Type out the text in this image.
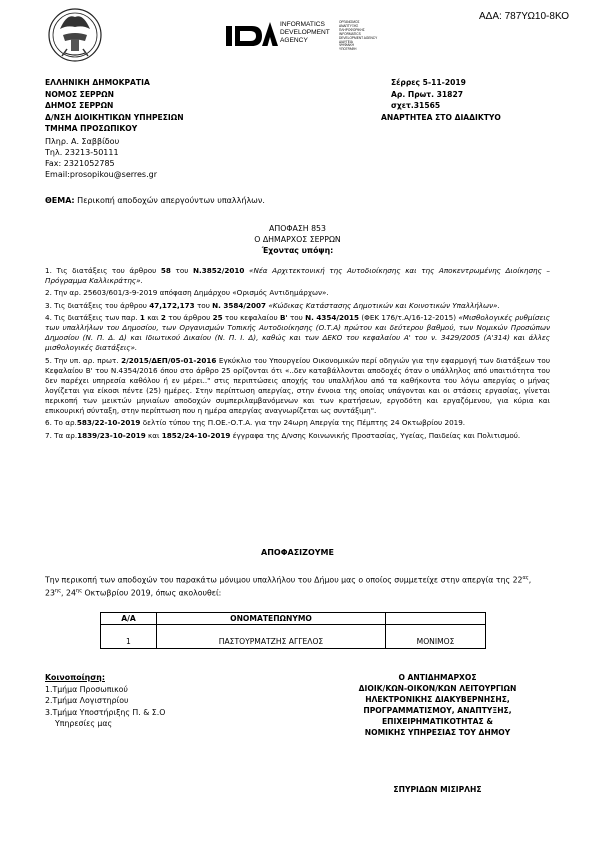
ΑΔΑ: 787ΥΩ10-8ΚΟ
INFORMATICS
DEVELOPMENT
AGENCY
ΟΡΓΑΝΙΣΜΟΣ
ΑΝΑΠΤΥΞΗΣ
ΠΛΗΡΟΦΟΡΙΚΗΣ
INFORMATICS
DEVELOPMENT AGENCY
ΔΙΑΥΓΕΙΑ
ΨΗΦΙΑΚΗ
ΥΠΟΓΡΑΦΗ
ΕΛΛΗΝΙΚΗ ΔΗΜΟΚΡΑΤΙΑ
ΝΟΜΟΣ ΣΕΡΡΩΝ
ΔΗΜΟΣ ΣΕΡΡΩΝ
Δ/ΝΣΗ ΔΙΟΙΚΗΤΙΚΩΝ ΥΠΗΡΕΣΙΩΝ
ΤΜΗΜΑ ΠΡΟΣΩΠΙΚΟΥ
Σέρρες 5-11-2019
Αρ. Πρωτ. 31827
σχετ.31565
ΑΝΑΡΤΗΤΕΑ ΣΤΟ ΔΙΑΔΙΚΤΥΟ
Πληρ. Α. Σαββίδου
Τηλ. 23213-50111
Fax: 2321052785
Email:prosopikou@serres.gr
ΘΕΜΑ: Περικοπή αποδοχών απεργούντων υπαλλήλων.
ΑΠΟΦΑΣΗ 853
Ο ΔΗΜΑΡΧΟΣ ΣΕΡΡΩΝ
Έχοντας υπόψη:

1. Τις διατάξεις του άρθρου 58 του Ν.3852/2010 «Νέα Αρχιτεκτονική της Αυτοδιοίκησης και της Αποκεντρωμένης Διοίκησης – Πρόγραμμα Καλλικράτης».

2. Την αρ. 25603/601/3-9-2019 απόφαση Δημάρχου «Ορισμός Αντιδημάρχων».

3. Τις διατάξεις του άρθρου 47,172,173 του Ν. 3584/2007 «Κώδικας Κατάστασης Δημοτικών και Κοινοτικών Υπαλλήλων».

4. Τις διατάξεις των παρ. 1 και 2 του άρθρου 25 του κεφαλαίου Β' του Ν. 4354/2015 (ΦΕΚ 176/τ.Α/16-12-2015) «Μισθολογικές ρυθμίσεις των υπαλλήλων του Δημοσίου, των Οργανισμών Τοπικής Αυτοδιοίκησης (Ο.Τ.Α) πρώτου και δεύτερου βαθμού, των Νομικών Προσώπων Δημοσίου (Ν. Π. Δ. Δ) και Ιδιωτικού Δικαίου (Ν. Π. Ι. Δ), καθώς και των ΔΕΚΟ του κεφαλαίου Α' του ν. 3429/2005 (Α'314) και άλλες μισθολογικές διατάξεις».

5. Την υπ. αρ. πρωτ. 2/2015/ΔΕΠ/05-01-2016 Εγκύκλιο του Υπουργείου Οικονομικών περί οδηγιών για την εφαρμογή των διατάξεων του Κεφαλαίου Β' του Ν.4354/2016 όπου στο άρθρο 25 ορίζονται ότι «..δεν καταβάλλονται αποδοχές όταν ο υπάλληλος από υπαιτιότητα του δεν παρέχει υπηρεσία καθόλου ή εν μέρει.." στις περιπτώσεις αποχής του υπαλλήλου από τα καθήκοντα του λόγω απεργίας ο μήνας λογίζεται για είκοσι πέντε (25) ημέρες. Στην περίπτωση απεργίας, στην έννοια της οποίας υπάγονται και οι στάσεις εργασίας, γίνεται περικοπή των μεικτών μηνιαίων αποδοχών συμπεριλαμβανόμενων και των κρατήσεων, εργοδότη και εργαζόμενου, για κύρια και επικουρική σύνταξη, στην περίπτωση που η ημέρα απεργίας αναγνωρίζεται ως συντάξιμη".

6. Το αρ.583/22-10-2019 δελτίο τύπου της Π.ΟΕ.-Ο.Τ.Α. για την 24ωρη Απεργία της Πέμπτης 24 Οκτωβρίου 2019.

7. Τα αρ.1839/23-10-2019 και 1852/24-10-2019 έγγραφα της Δ/νσης Κοινωνικής Προστασίας, Υγείας, Παιδείας και Πολιτισμού.

ΑΠΟΦΑΣΙΖΟΥΜΕ
Την περικοπή των αποδοχών του παρακάτω μόνιμου υπαλλήλου του Δήμου μας ο οποίος συμμετείχε στην απεργία της $22^{\alpha\varsigma}$, $23^{\eta\varsigma}$, $24^{\eta\varsigma}$ Οκτωβρίου 2019, όπως ακολουθεί:
Α/Α	ΟΝΟΜΑΤΕΠΩΝΥΜΟ	
1	ΠΑΣΤΟΥΡΜΑΤΖΗΣ ΑΓΓΕΛΟΣ	ΜΟΝΙΜΟΣ
Κοινοποίηση:
1.Τμήμα Προσωπικού
2.Τμήμα Λογιστηρίου
3.Τμήμα Υποστήριξης Π. & Σ.Ο
Υπηρεσίες μας
Ο ΑΝΤΙΔΗΜΑΡΧΟΣ
ΔΙΟΙΚ/ΚΩΝ-ΟΙΚΟΝ/ΚΩΝ ΛΕΙΤΟΥΡΓΙΩΝ
ΗΛΕΚΤΡΟΝΙΚΗΣ ΔΙΑΚΥΒΕΡΝΗΣΗΣ,
ΠΡΟΓΡΑΜΜΑΤΙΣΜΟΥ, ΑΝΑΠΤΥΞΗΣ,
ΕΠΙΧΕΙΡΗΜΑΤΙΚΟΤΗΤΑΣ &
ΝΟΜΙΚΗΣ ΥΠΗΡΕΣΙΑΣ ΤΟΥ ΔΗΜΟΥ
ΣΠΥΡΙΔΩΝ ΜΙΣΙΡΛΗΣ
